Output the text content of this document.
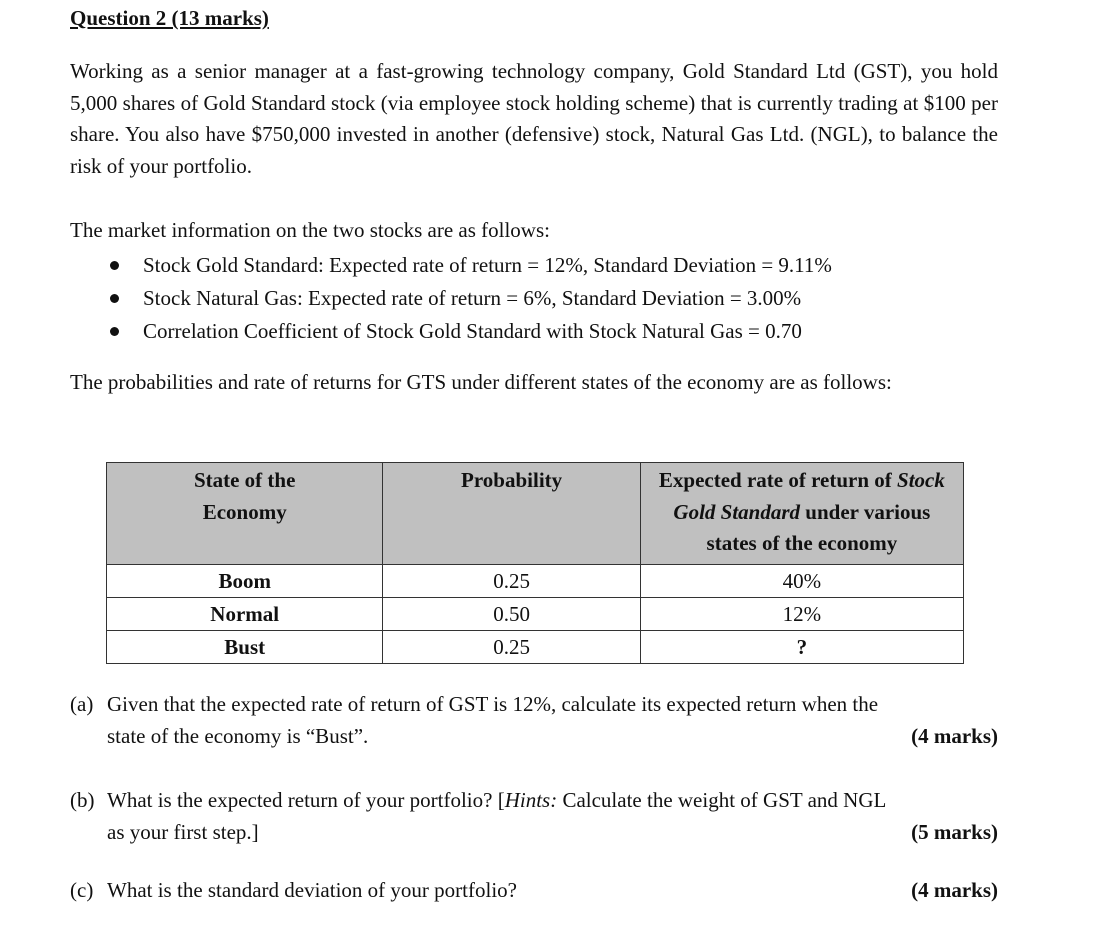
Question 2 (13 marks)

Working as a senior manager at a fast-growing technology company, Gold Standard Ltd (GST), you hold 5,000 shares of Gold Standard stock (via employee stock holding scheme) that is currently trading at $100 per share. You also have $750,000 invested in another (defensive) stock, Natural Gas Ltd. (NGL), to balance the risk of your portfolio.

The market information on the two stocks are as follows:

Stock Gold Standard: Expected rate of return = 12%, Standard Deviation = 9.11%
Stock Natural Gas: Expected rate of return = 6%, Standard Deviation = 3.00%
Correlation Coefficient of Stock Gold Standard with Stock Natural Gas = 0.70

The probabilities and rate of returns for GTS under different states of the economy are as follows:

State of the Economy	Probability	Expected rate of return of Stock Gold Standard under various states of the economy
Boom	0.25	40%
Normal	0.50	12%
Bust	0.25	?
(a) Given that the expected rate of return of GST is 12%, calculate its expected return when the
state of the economy is “Bust”.	(4 marks)
(b) What is the expected return of your portfolio? [Hints: Calculate the weight of GST and NGL
as your first step.]	(5 marks)
(c) What is the standard deviation of your portfolio?	(4 marks)
